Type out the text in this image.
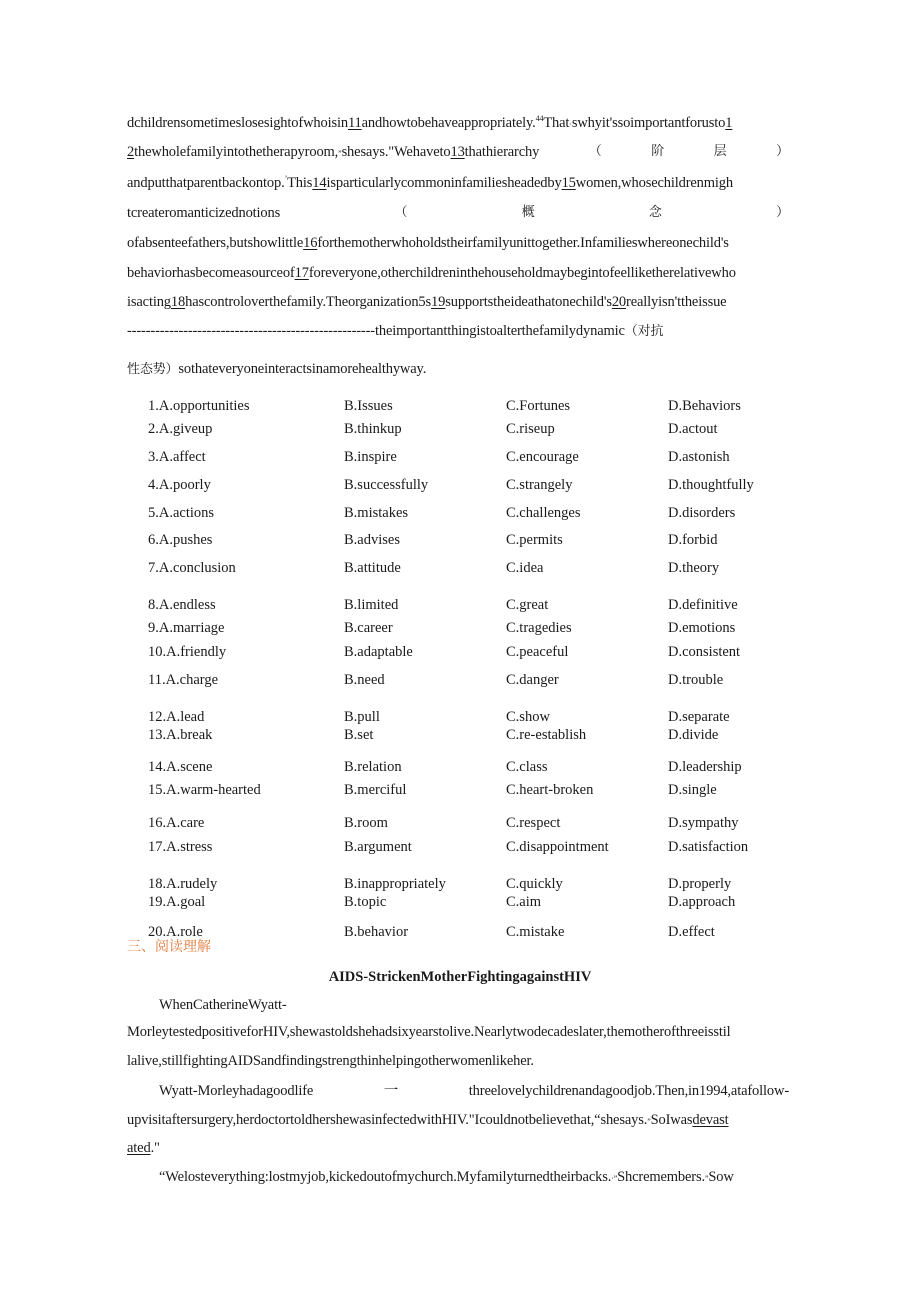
dchildrensometimeslosesightofwhoisin11andhowtobehaveappropriately.$^{44}$That·swhyit'ssoimportantforusto1
2thewholefamilyintothetherapyroom,”shesays."Wehaveto13thathierarchy	（	阶	层	）
andputthatparentbackontop.’This14isparticularlycommoninfamiliesheadedby15women,whosechildrenmigh
tcreateromanticizednotions	（	概	念	）
ofabsenteefathers,butshowlittle16forthemotherwhoholdstheirfamilyunittogether.Infamilieswhereonechild's
behaviorhasbecomeasourceof17foreveryone,otherchildreninthehouseholdmaybegintofeelliketherelativewho
isacting18hascontroloverthefamily.Theorganization5s19supportstheideathatonechild's20reallyisn'ttheissue
-----------------------------------------------------theimportantthingistoalterthefamilydynamic（对抗
性态势）sothateveryoneinteractsinamorehealthyway.
1.A.opportunities	B.Issues	C.Fortunes	D.Behaviors
2.A.giveup	B.thinkup	C.riseup	D.actout
3.A.affect	B.inspire	C.encourage	D.astonish
4.A.poorly	B.successfully	C.strangely	D.thoughtfully
5.A.actions	B.mistakes	C.challenges	D.disorders
6.A.pushes	B.advises	C.permits	D.forbid
7.A.conclusion	B.attitude	C.idea	D.theory
8.A.endless	B.limited	C.great	D.definitive
9.A.marriage	B.career	C.tragedies	D.emotions
10.A.friendly	B.adaptable	C.peaceful	D.consistent
11.A.charge	B.need	C.danger	D.trouble
12.A.lead	B.pull	C.show	D.separate
13.A.break	B.set	C.re-establish	D.divide
14.A.scene	B.relation	C.class	D.leadership
15.A.warm-hearted	B.merciful	C.heart-broken	D.single
16.A.care	B.room	C.respect	D.sympathy
17.A.stress	B.argument	C.disappointment	D.satisfaction
18.A.rudely	B.inappropriately	C.quickly	D.properly
19.A.goal	B.topic	C.aim	D.approach
20.A.role	B.behavior	C.mistake	D.effect
三、阅读理解
AIDS-StrickenMotherFightingagainstHIV
WhenCatherineWyatt-
MorleytestedpositiveforHIV,shewastoldshehadsixyearstolive.Nearlytwodecadeslater,themotherofthreeisstil
lalive,stillfightingAIDSandfindingstrengthinhelpingotherwomenlikeher.
Wyatt-Morleyhadagoodlife	一	threelovelychildrenandagoodjob.Then,in1994,atafollow-
upvisitaftersurgery,herdoctortoldhershewasinfectedwithHIV."Icouldnotbelievethat,“shesays.”SoIwasdevast
ated."
“Welosteverything:lostmyjob,kickedoutofmychurch.Myfamilyturnedtheirbacks.·”Shcremembers.”Sow
